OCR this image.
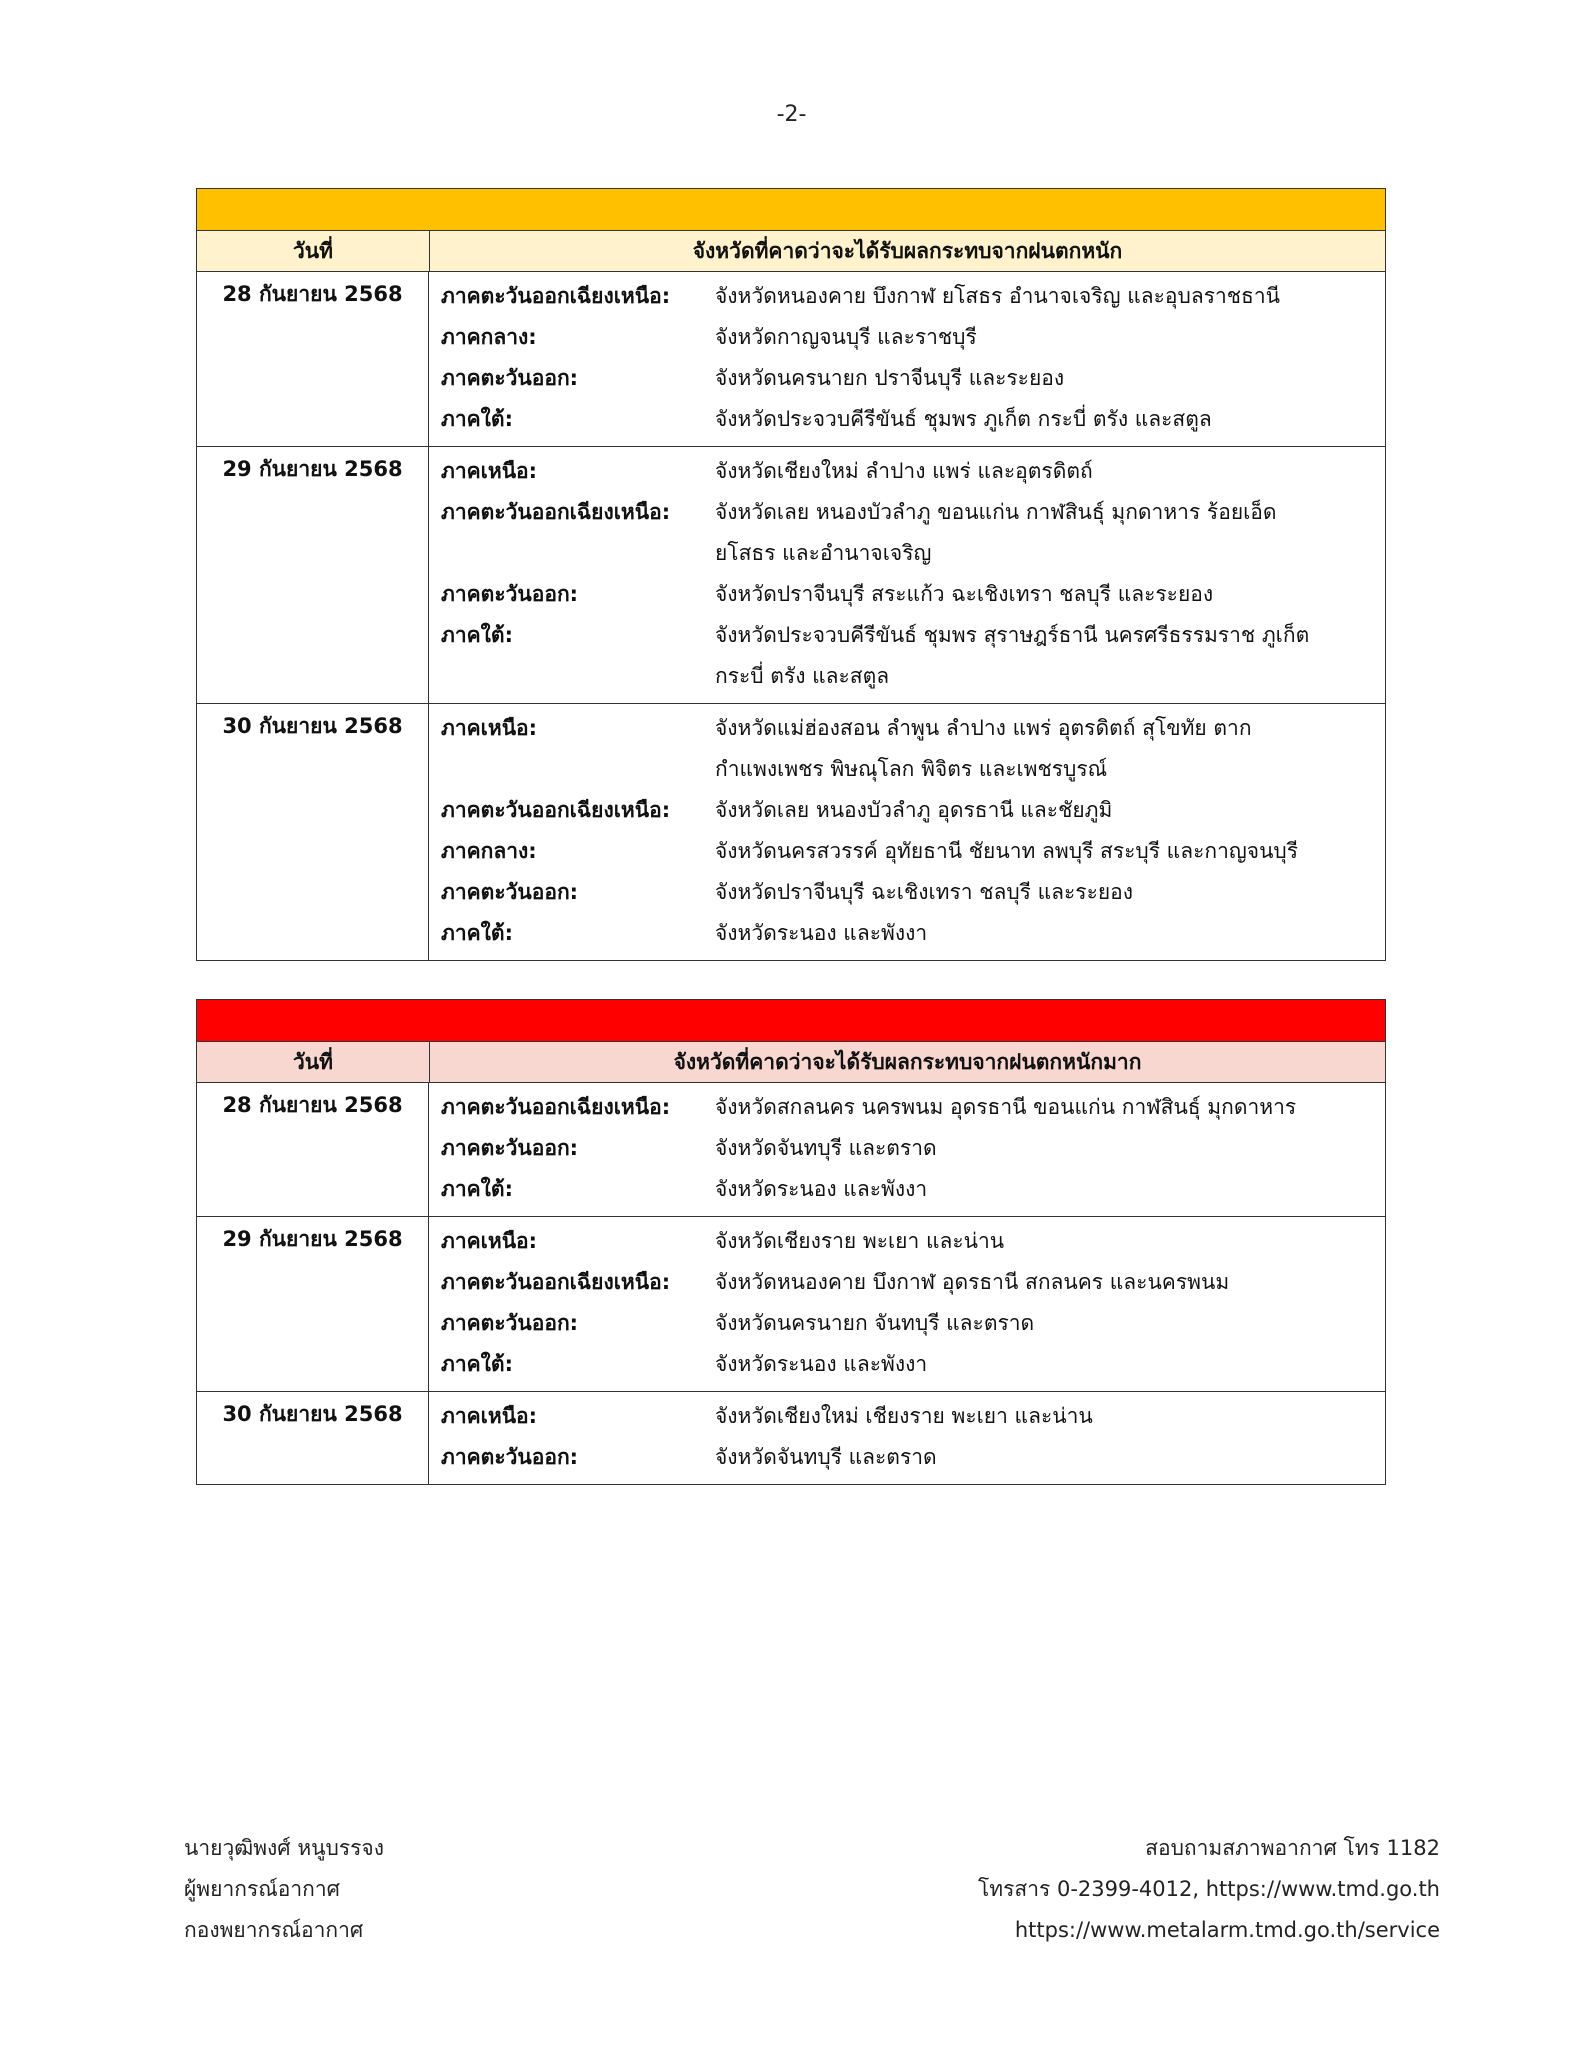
-2-
วันที่	จังหวัดที่คาดว่าจะได้รับผลกระทบจากฝนตกหนัก
28 กันยายน 2568	ภาคตะวันออกเฉียงเหนือ:	จังหวัดหนองคาย บึงกาฬ ยโสธร อำนาจเจริญ และอุบลราชธานี
ภาคกลาง:	จังหวัดกาญจนบุรี และราชบุรี
ภาคตะวันออก:	จังหวัดนครนายก ปราจีนบุรี และระยอง
ภาคใต้:	จังหวัดประจวบคีรีขันธ์ ชุมพร ภูเก็ต กระบี่ ตรัง และสตูล
29 กันยายน 2568	ภาคเหนือ:	จังหวัดเชียงใหม่ ลำปาง แพร่ และอุตรดิตถ์
ภาคตะวันออกเฉียงเหนือ:	จังหวัดเลย หนองบัวลำภู ขอนแก่น กาฬสินธุ์ มุกดาหาร ร้อยเอ็ด
ยโสธร และอำนาจเจริญ
ภาคตะวันออก:	จังหวัดปราจีนบุรี สระแก้ว ฉะเชิงเทรา ชลบุรี และระยอง
ภาคใต้:	จังหวัดประจวบคีรีขันธ์ ชุมพร สุราษฎร์ธานี นครศรีธรรมราช ภูเก็ต
กระบี่ ตรัง และสตูล
30 กันยายน 2568	ภาคเหนือ:	จังหวัดแม่ฮ่องสอน ลำพูน ลำปาง แพร่ อุตรดิตถ์ สุโขทัย ตาก
กำแพงเพชร พิษณุโลก พิจิตร และเพชรบูรณ์
ภาคตะวันออกเฉียงเหนือ:	จังหวัดเลย หนองบัวลำภู อุดรธานี และชัยภูมิ
ภาคกลาง:	จังหวัดนครสวรรค์ อุทัยธานี ชัยนาท ลพบุรี สระบุรี และกาญจนบุรี
ภาคตะวันออก:	จังหวัดปราจีนบุรี ฉะเชิงเทรา ชลบุรี และระยอง
ภาคใต้:	จังหวัดระนอง และพังงา
วันที่	จังหวัดที่คาดว่าจะได้รับผลกระทบจากฝนตกหนักมาก
28 กันยายน 2568	ภาคตะวันออกเฉียงเหนือ:	จังหวัดสกลนคร นครพนม อุดรธานี ขอนแก่น กาฬสินธุ์ มุกดาหาร
ภาคตะวันออก:	จังหวัดจันทบุรี และตราด
ภาคใต้:	จังหวัดระนอง และพังงา
29 กันยายน 2568	ภาคเหนือ:	จังหวัดเชียงราย พะเยา และน่าน
ภาคตะวันออกเฉียงเหนือ:	จังหวัดหนองคาย บึงกาฬ อุดรธานี สกลนคร และนครพนม
ภาคตะวันออก:	จังหวัดนครนายก จันทบุรี และตราด
ภาคใต้:	จังหวัดระนอง และพังงา
30 กันยายน 2568	ภาคเหนือ:	จังหวัดเชียงใหม่ เชียงราย พะเยา และน่าน
ภาคตะวันออก:	จังหวัดจันทบุรี และตราด
นายวุฒิพงศ์ หนูบรรจง
ผู้พยากรณ์อากาศ
กองพยากรณ์อากาศ
สอบถามสภาพอากาศ โทร 1182
โทรสาร 0-2399-4012, https://www.tmd.go.th
https://www.metalarm.tmd.go.th/service
